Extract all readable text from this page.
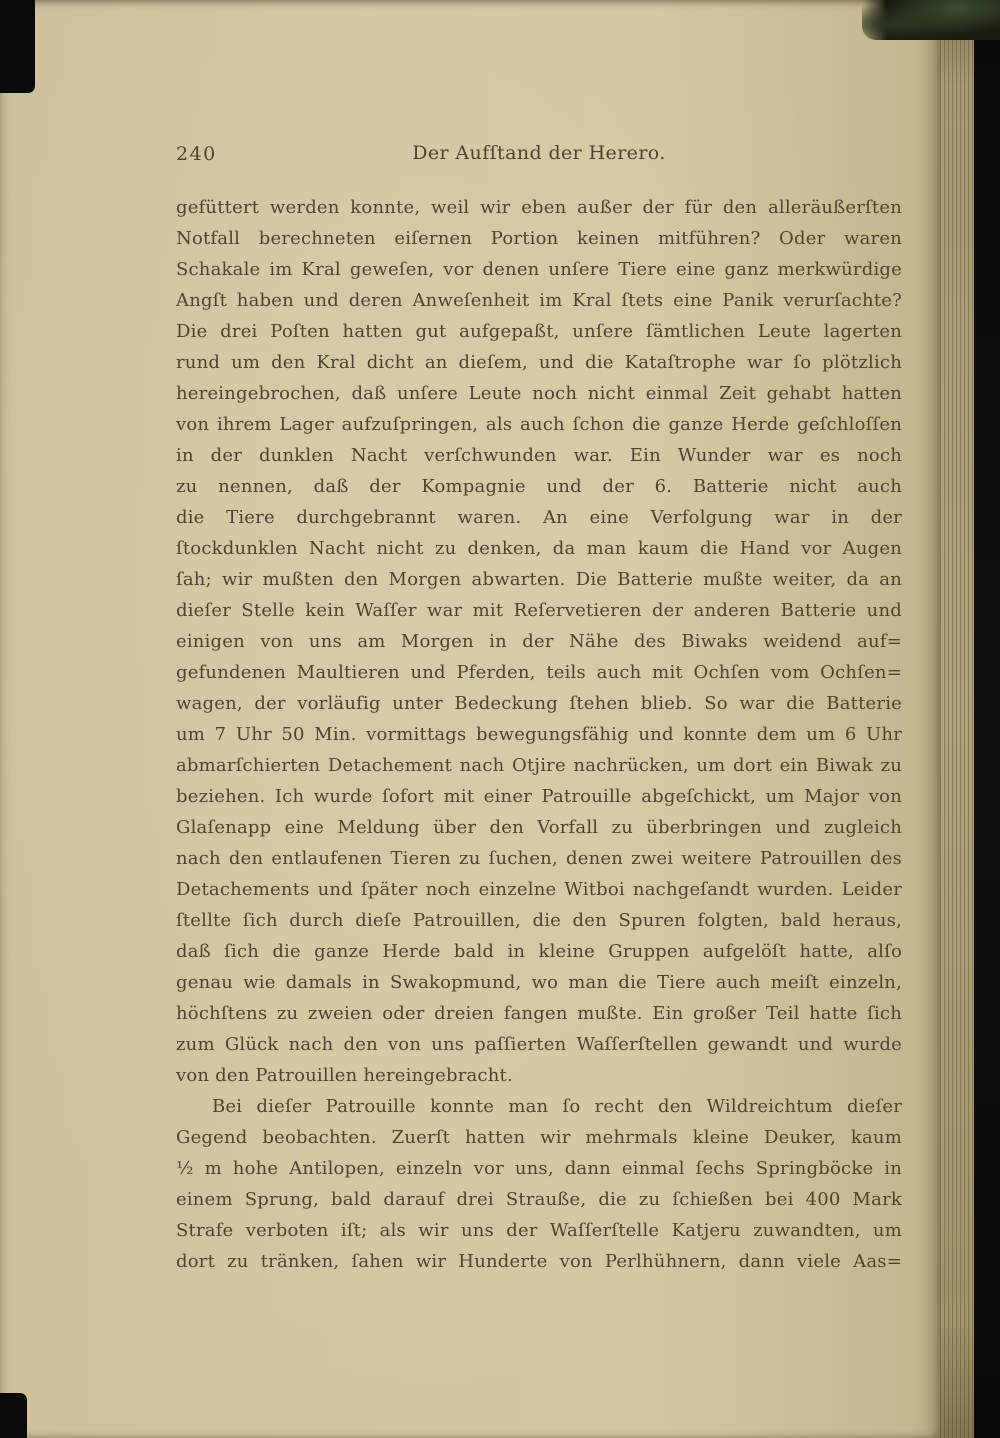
240	Der Aufſtand der Herero.
gefüttert werden konnte, weil wir eben außer der für den alleräußerſten
Notfall berechneten eiſernen Portion keinen mitführen? Oder waren
Schakale im Kral geweſen, vor denen unſere Tiere eine ganz merkwürdige
Angſt haben und deren Anweſenheit im Kral ſtets eine Panik verurſachte?
Die drei Poſten hatten gut aufgepaßt, unſere ſämtlichen Leute lagerten
rund um den Kral dicht an dieſem, und die Kataſtrophe war ſo plötzlich
hereingebrochen, daß unſere Leute noch nicht einmal Zeit gehabt hatten
von ihrem Lager aufzuſpringen, als auch ſchon die ganze Herde geſchloſſen
in der dunklen Nacht verſchwunden war. Ein Wunder war es noch
zu nennen, daß der Kompagnie und der 6. Batterie nicht auch
die Tiere durchgebrannt waren. An eine Verfolgung war in der
ſtockdunklen Nacht nicht zu denken, da man kaum die Hand vor Augen
ſah; wir mußten den Morgen abwarten. Die Batterie mußte weiter, da an
dieſer Stelle kein Waſſer war mit Reſervetieren der anderen Batterie und
einigen von uns am Morgen in der Nähe des Biwaks weidend auf=
gefundenen Maultieren und Pferden, teils auch mit Ochſen vom Ochſen=
wagen, der vorläufig unter Bedeckung ſtehen blieb. So war die Batterie
um 7 Uhr 50 Min. vormittags bewegungsfähig und konnte dem um 6 Uhr
abmarſchierten Detachement nach Otjire nachrücken, um dort ein Biwak zu
beziehen. Ich wurde ſofort mit einer Patrouille abgeſchickt, um Major von
Glaſenapp eine Meldung über den Vorfall zu überbringen und zugleich
nach den entlaufenen Tieren zu ſuchen, denen zwei weitere Patrouillen des
Detachements und ſpäter noch einzelne Witboi nachgeſandt wurden. Leider
ſtellte ſich durch dieſe Patrouillen, die den Spuren folgten, bald heraus,
daß ſich die ganze Herde bald in kleine Gruppen aufgelöſt hatte, alſo
genau wie damals in Swakopmund, wo man die Tiere auch meiſt einzeln,
höchſtens zu zweien oder dreien fangen mußte. Ein großer Teil hatte ſich
zum Glück nach den von uns paſſierten Waſſerſtellen gewandt und wurde
von den Patrouillen hereingebracht.
Bei dieſer Patrouille konnte man ſo recht den Wildreichtum dieſer
Gegend beobachten. Zuerſt hatten wir mehrmals kleine Deuker, kaum
½ m hohe Antilopen, einzeln vor uns, dann einmal ſechs Springböcke in
einem Sprung, bald darauf drei Strauße, die zu ſchießen bei 400 Mark
Strafe verboten iſt; als wir uns der Waſſerſtelle Katjeru zuwandten, um
dort zu tränken, ſahen wir Hunderte von Perlhühnern, dann viele Aas=
